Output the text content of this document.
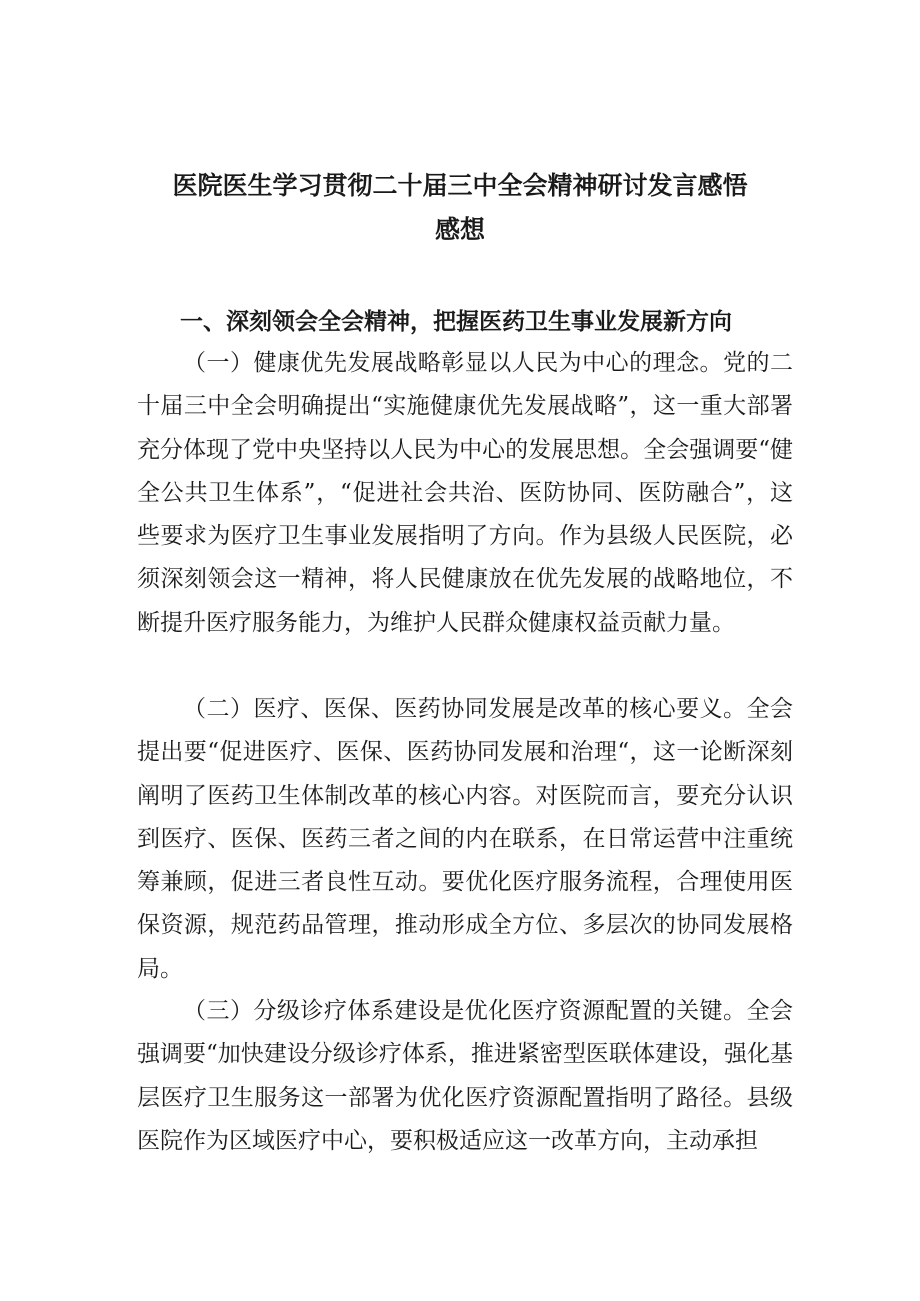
医院医生学习贯彻二十届三中全会精神研讨发言感悟
感想
一、深刻领会全会精神，把握医药卫生事业发展新方向

（一）健康优先发展战略彰显以人民为中心的理念。党的二十届三中全会明确提出“实施健康优先发展战略”，这一重大部署充分体现了党中央坚持以人民为中心的发展思想。全会强调要“健全公共卫生体系”，“促进社会共治、医防协同、医防融合”，这些要求为医疗卫生事业发展指明了方向。作为县级人民医院，必须深刻领会这一精神，将人民健康放在优先发展的战略地位，不断提升医疗服务能力，为维护人民群众健康权益贡献力量。

（二）医疗、医保、医药协同发展是改革的核心要义。全会提出要“促进医疗、医保、医药协同发展和治理“，这一论断深刻阐明了医药卫生体制改革的核心内容。对医院而言，要充分认识到医疗、医保、医药三者之间的内在联系，在日常运营中注重统筹兼顾，促进三者良性互动。要优化医疗服务流程，合理使用医保资源，规范药品管理，推动形成全方位、多层次的协同发展格局。

（三）分级诊疗体系建设是优化医疗资源配置的关键。全会强调要“加快建设分级诊疗体系，推进紧密型医联体建设，强化基层医疗卫生服务这一部署为优化医疗资源配置指明了路径。县级医院作为区域医疗中心，要积极适应这一改革方向，主动承担
